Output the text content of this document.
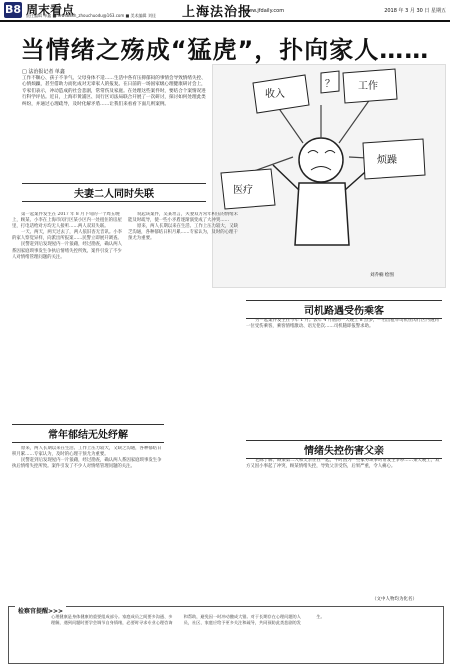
B8 周末看点
责任编辑 单鑫 ■news88sh_zhouchuodu@163.com ■ 美术编辑 刘佳 上海法治报
www.jfdaily.com	2018 年 3 月 30 日 星期五
当情绪之殇成“猛虎”，扑向家人……
□ 法治报记者 单鑫
工作不顺心、孩子不争气、父母身体不适……生活中各有压抑郁闷的事情会导致情绪失控、心情烦躁，甚至借助力而化成对无辜家人的报复。在日前的一场国家级心理健康研讨会上，专家们表示，冲动造成的社会悲剧，常常伤及家庭。在处理这些案件时，要结合个案情况进行科学评估。近日，上海市黄浦区、闵行区司法局联合开展了一次研讨，探讨如何处理此类纠纷，并通过心理疏导，及时化解矛盾……让我们来看看下面几则案例。
收入
工作
烦躁
医疗
？
刘乔楠 绘图
夫妻二人同时失联

第一起案件发生在 2017 年 8 月下旬的一个周五晚上，顾某、小李在上海市闵行区某小区内一处租住的房屋里，打电话给对方均无人接听……两人双双失联。

一天、两天，两天过去了，两人依旧杳无音讯。小李的家人察觉异样，向派出所报案……民警立即展开调查。

民警赶到后发现屋内一片狼藉，经过勘查，确认两人系因家庭琐事发生争执后情绪失控所致。案件引发了不少人对情绪管理问题的关注。

说起该案件，吴某坦言，夫妻双方常年积压的情绪未能及时疏导，使一些小矛盾逐渐演变成了大冲突……

原来，两人长期以来在生活、工作上压力较大，又缺乏沟通，各种郁结日积月累……专家认为，及时的心理干预尤为重要。

司机路遇受伤乘客

另一起案件发生在今年 1 月。去年 4 月底的一天晚上 8 点多，一名出租车司机在闵行区内遇到一位受伤乘客，乘客情绪激动、语无伦次……司机随即报警求助。

常年郁结无处纾解
情绪失控伤害父亲

原来，两人长期以来在生活、工作上压力较大，又缺乏沟通，各种郁结日积月累……专家认为，及时的心理干预尤为重要。

民警赶到后发现屋内一片狼藉，经过勘查，确认两人系因家庭琐事发生争执后情绪失控所致。案件引发了不少人对情绪管理问题的关注。

老陈了解，顾某第二人和父亲住在一起，平时因为一些家务琐事时常发生争吵……某天晚上，双方又因小事起了冲突，顾某情绪失控，导致父亲受伤，后果严重，令人痛心。

（文中人物均为化名）
检察官提醒>>>
心理健康是身体健康的重要组成部分。家庭成员之间要多沟通、多理解，遇到问题时要学会调节自身情绪，必要时寻求专业心理咨询和帮助，避免因一时冲动酿成大错。对于长期存在心理问题的人员，社区、家庭应给予更多关注和疏导，共同预防此类悲剧的发生。
